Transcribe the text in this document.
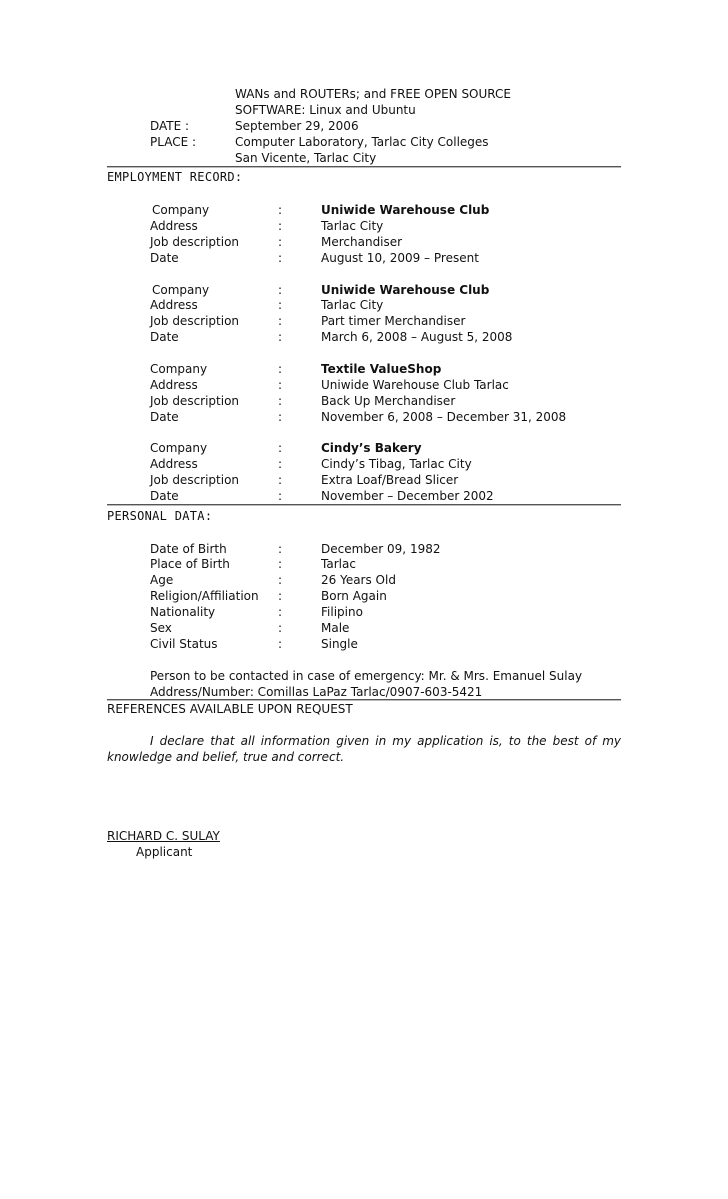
WANs and ROUTERs; and FREE OPEN SOURCE
SOFTWARE: Linux and Ubuntu
DATE :	September 29, 2006
PLACE :	Computer Laboratory, Tarlac City Colleges
San Vicente, Tarlac City
EMPLOYMENT RECORD:
Company	:	Uniwide Warehouse Club
Address	:	Tarlac City
Job description	:	Merchandiser
Date	:	August 10, 2009 – Present
Company	:	Uniwide Warehouse Club
Address	:	Tarlac City
Job description	:	Part timer Merchandiser
Date	:	March 6, 2008 – August 5, 2008
Company	:	Textile ValueShop
Address	:	Uniwide Warehouse Club Tarlac
Job description	:	Back Up Merchandiser
Date	:	November 6, 2008 – December 31, 2008
Company	:	Cindy’s Bakery
Address	:	Cindy’s Tibag, Tarlac City
Job description	:	Extra Loaf/Bread Slicer
Date	:	November – December 2002
PERSONAL DATA:
Date of Birth	:	December 09, 1982
Place of Birth	:	Tarlac
Age	:	26 Years Old
Religion/Affiliation :	Born Again
Nationality	:	Filipino
Sex	:	Male
Civil Status	:	Single
Person to be contacted in case of emergency: Mr. & Mrs. Emanuel Sulay
Address/Number: Comillas LaPaz Tarlac/0907-603-5421
REFERENCES AVAILABLE UPON REQUEST
I declare that all information given in my application is, to the best of my knowledge and belief, true and correct.
RICHARD C. SULAY
Applicant
